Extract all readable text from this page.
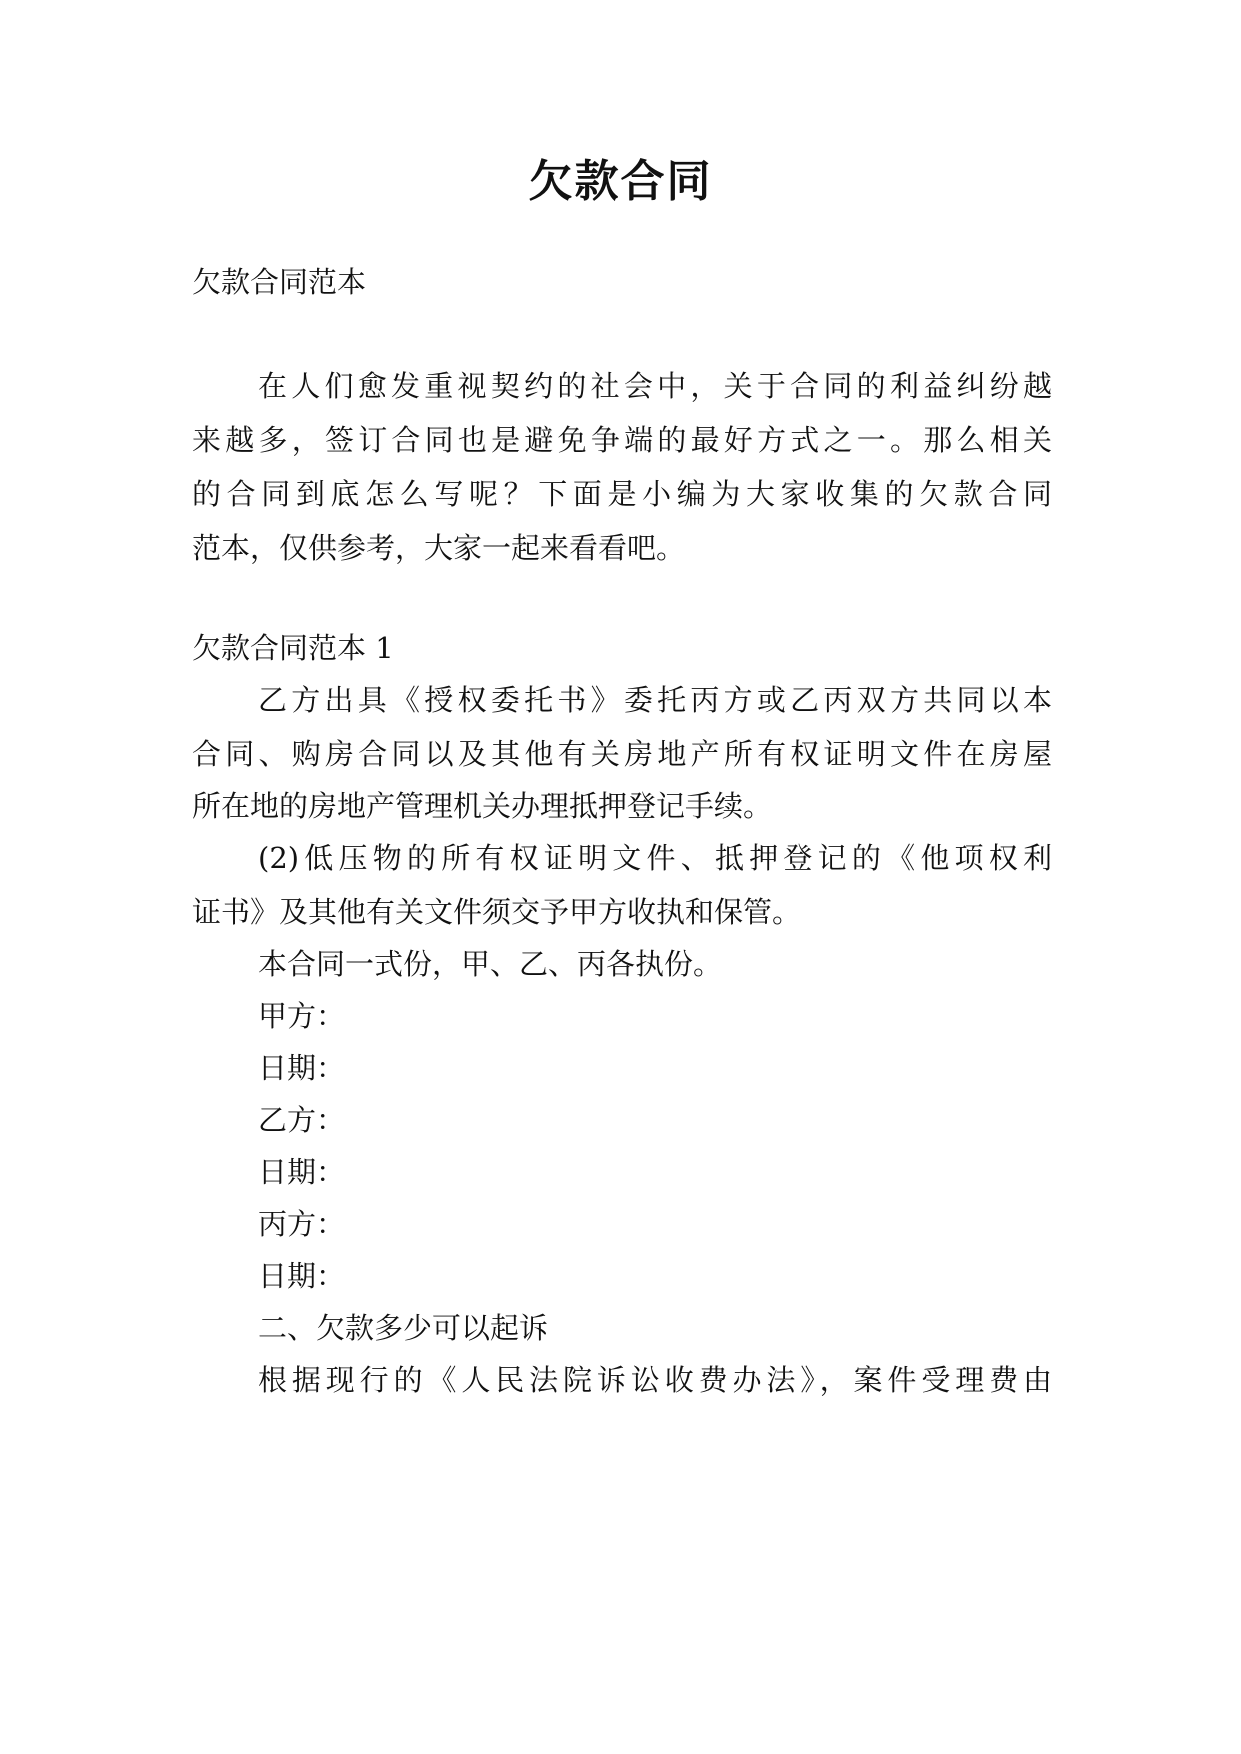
欠款合同
欠款合同范本
在人们愈发重视契约的社会中，关于合同的利益纠纷越
来越多，签订合同也是避免争端的最好方式之一。那么相关
的合同到底怎么写呢？下面是小编为大家收集的欠款合同
范本，仅供参考，大家一起来看看吧。
欠款合同范本 1
乙方出具《授权委托书》委托丙方或乙丙双方共同以本
合同、购房合同以及其他有关房地产所有权证明文件在房屋
所在地的房地产管理机关办理抵押登记手续。
(2)低压物的所有权证明文件、抵押登记的《他项权利
证书》及其他有关文件须交予甲方收执和保管。
本合同一式份，甲、乙、丙各执份。
甲方：
日期：
乙方：
日期：
丙方：
日期：
二、欠款多少可以起诉
根据现行的《人民法院诉讼收费办法》，案件受理费由
